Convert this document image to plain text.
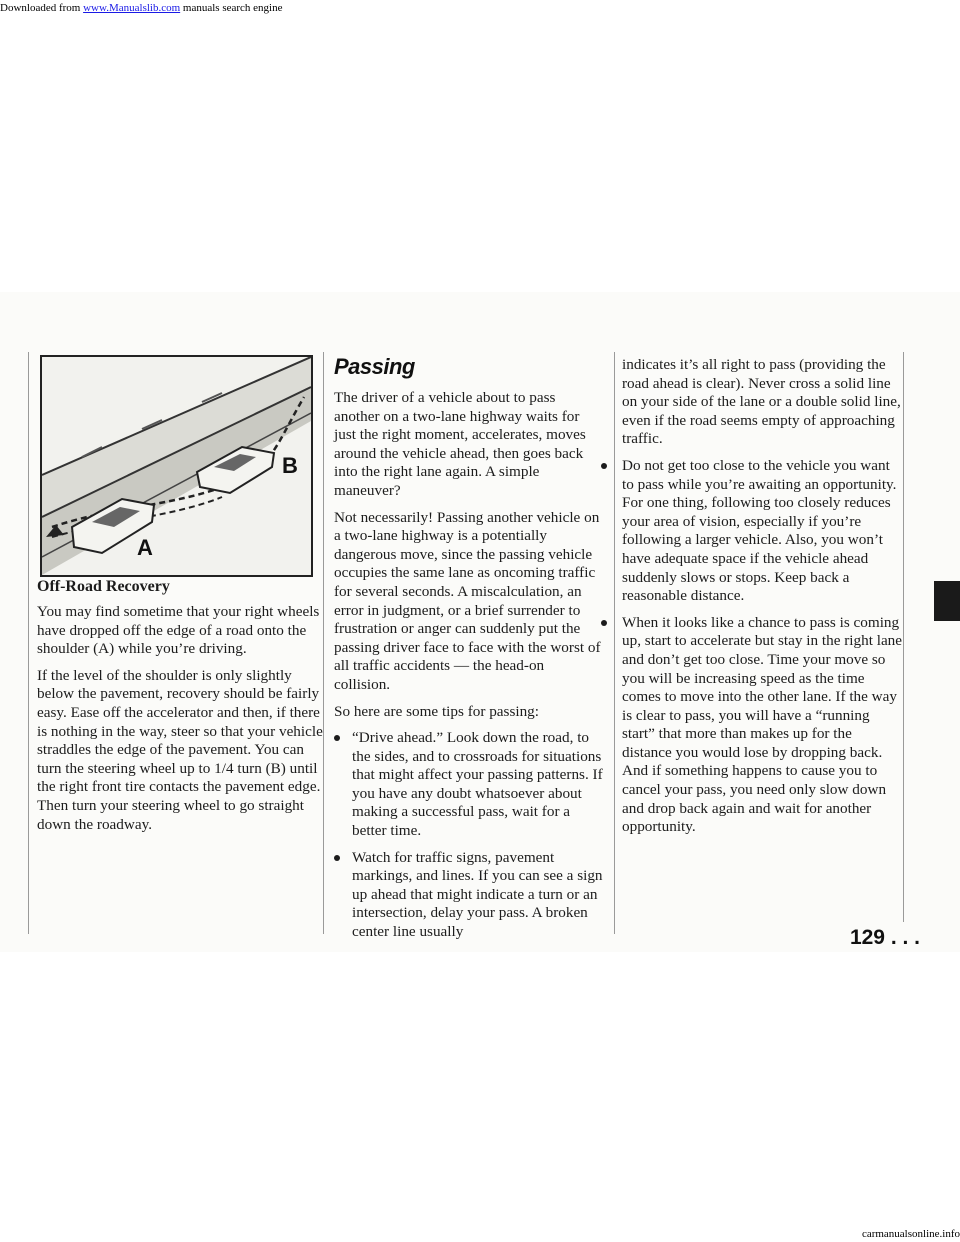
Downloaded from www.Manualslib.com manuals search engine
A
B
Off-Road Recovery

You may find sometime that your right wheels have dropped off the edge of a road onto the shoulder (A) while you’re driving.

If the level of the shoulder is only slightly below the pavement, recovery should be fairly easy. Ease off the accelerator and then, if there is nothing in the way, steer so that your vehicle straddles the edge of the pavement. You can turn the steering wheel up to 1/4 turn (B) until the right front tire contacts the pavement edge. Then turn your steering wheel to go straight down the roadway.

Passing

The driver of a vehicle about to pass another on a two-lane highway waits for just the right moment, accelerates, moves around the vehicle ahead, then goes back into the right lane again. A simple maneuver?

Not necessarily! Passing another vehicle on a two-lane highway is a potentially dangerous move, since the passing vehicle occupies the same lane as oncoming traffic for several seconds. A miscalculation, an error in judgment, or a brief surrender to frustration or anger can suddenly put the passing driver face to face with the worst of all traffic accidents — the head-on collision.

So here are some tips for passing:

“Drive ahead.” Look down the road, to the sides, and to crossroads for situations that might affect your passing patterns. If you have any doubt whatsoever about making a successful pass, wait for a better time.
Watch for traffic signs, pavement markings, and lines. If you can see a sign up ahead that might indicate a turn or an intersection, delay your pass. A broken center line usually

indicates it’s all right to pass (providing the road ahead is clear). Never cross a solid line on your side of the lane or a double solid line, even if the road seems empty of approaching traffic.

Do not get too close to the vehicle you want to pass while you’re awaiting an opportunity. For one thing, following too closely reduces your area of vision, especially if you’re following a larger vehicle. Also, you won’t have adequate space if the vehicle ahead suddenly slows or stops. Keep back a reasonable distance.
When it looks like a chance to pass is coming up, start to accelerate but stay in the right lane and don’t get too close. Time your move so you will be increasing speed as the time comes to move into the other lane. If the way is clear to pass, you will have a “running start” that more than makes up for the distance you would lose by dropping back. And if something happens to cause you to cancel your pass, you need only slow down and drop back again and wait for another opportunity.
129 . . .
carmanualsonline.info
